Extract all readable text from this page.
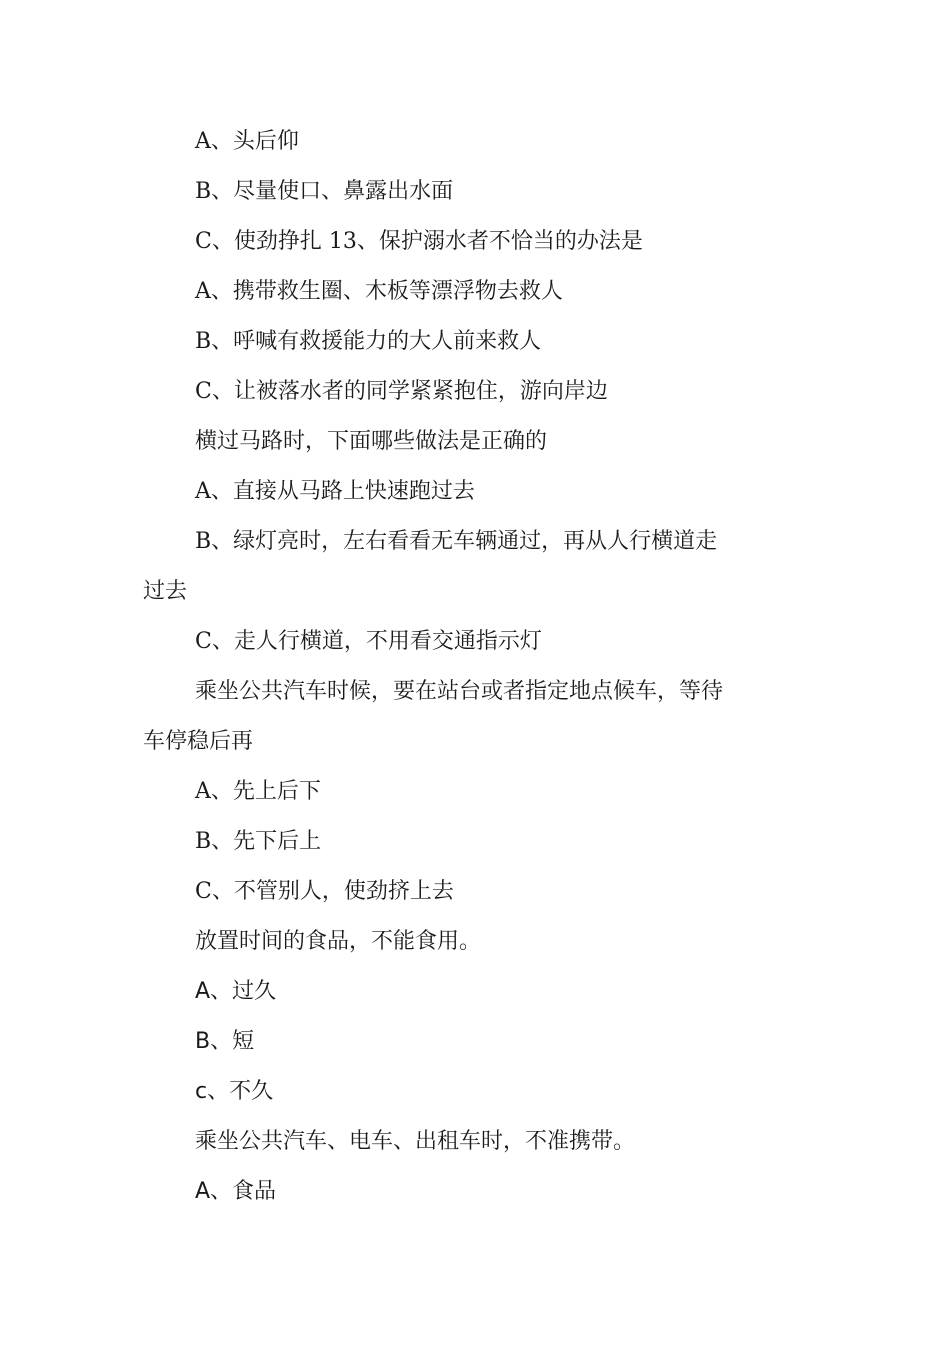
A、头后仰
B、尽量使口、鼻露出水面
C、使劲挣扎 13、保护溺水者不恰当的办法是
A、携带救生圈、木板等漂浮物去救人
B、呼喊有救援能力的大人前来救人
C、让被落水者的同学紧紧抱住，游向岸边
横过马路时，下面哪些做法是正确的
A、直接从马路上快速跑过去
B、绿灯亮时，左右看看无车辆通过，再从人行横道走
过去
C、走人行横道，不用看交通指示灯
乘坐公共汽车时候，要在站台或者指定地点候车，等待
车停稳后再
A、先上后下
B、先下后上
C、不管别人，使劲挤上去
放置时间的食品，不能食用。
A、过久
B、短
c、不久
乘坐公共汽车、电车、出租车时，不准携带。
A、食品
